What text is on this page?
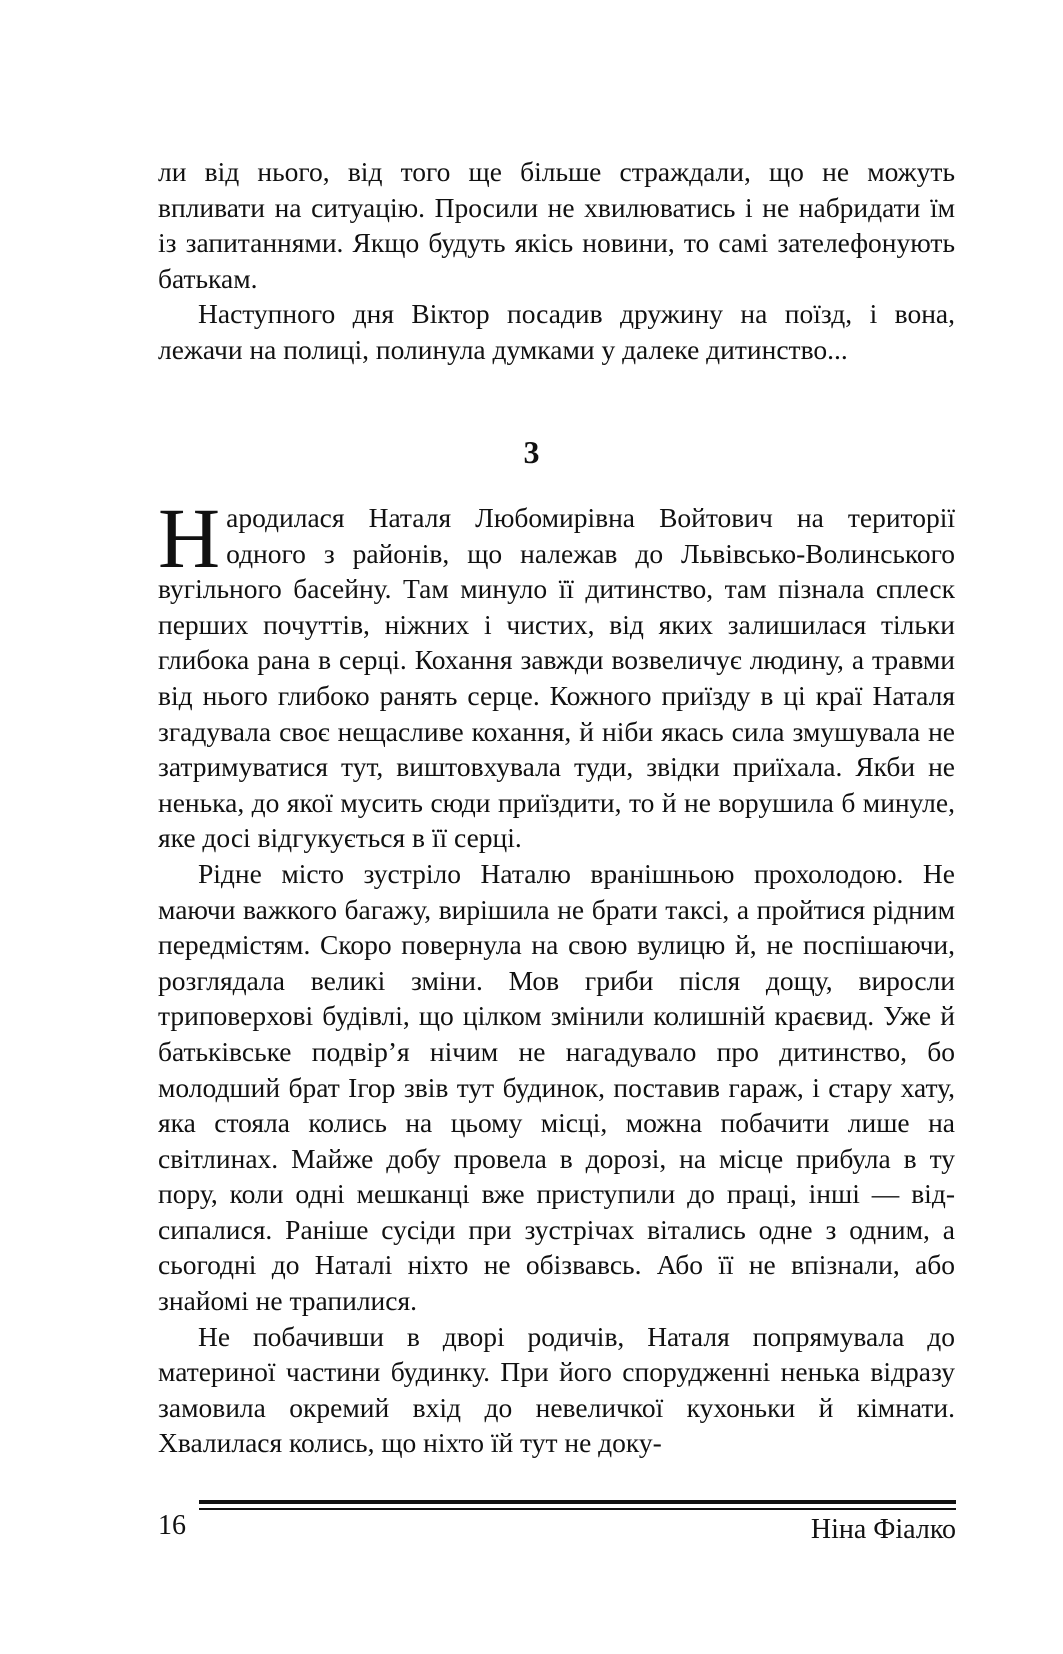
ли від нього, від того ще більше страждали, що не можуть впливати на ситуацію. Просили не хвилюватись і не набридати їм із запитаннями. Якщо будуть якісь новини, то самі зателефонують батькам.

Наступного дня Віктор посадив дружину на поїзд, і вона, лежачи на полиці, полинула думками у далеке дитинство...

3

Народилася Наталя Любомирівна Войтович на території одного з районів, що належав до Львівсько-Волинського вугільного басейну. Там минуло її дитинство, там пізнала сплеск перших почуттів, ніжних і чистих, від яких залишилася тільки глибока рана в серці. Кохання завжди возвеличує людину, а травми від нього глибоко ранять серце. Кожного приїзду в ці краї Наталя згадувала своє нещасливе кохання, й ніби якась сила змушувала не затримуватися тут, виштовхувала туди, звідки приїхала. Якби не ненька, до якої мусить сюди приїздити, то й не ворушила б минуле, яке досі відгукується в її серці.

Рідне місто зустріло Наталю вранішньою прохолодою. Не маючи важкого багажу, вирішила не брати таксі, а пройтися рідним передмістям. Скоро повернула на свою вулицю й, не поспішаючи, розглядала великі зміни. Мов гриби після дощу, виросли триповерхові будівлі, що цілком змінили колишній краєвид. Уже й батьківське подвір’я нічим не нагадувало про дитинство, бо молодший брат Ігор звів тут будинок, поставив гараж, і стару хату, яка стояла колись на цьому місці, можна побачити лише на світлинах. Майже добу провела в дорозі, на місце прибула в ту пору, коли одні мешканці вже приступили до праці, інші — відсипалися. Раніше сусіди при зустрічах вітались одне з одним, а сьогодні до Наталі ніхто не обізвавсь. Або її не впізнали, або знайомі не трапилися.

Не побачивши в дворі родичів, Наталя попрямувала до материної частини будинку. При його спорудженні ненька відразу замовила окремий вхід до невеличкої кухоньки й кімнати. Хвалилася колись, що ніхто їй тут не доку-

16	Ніна Фіалко
